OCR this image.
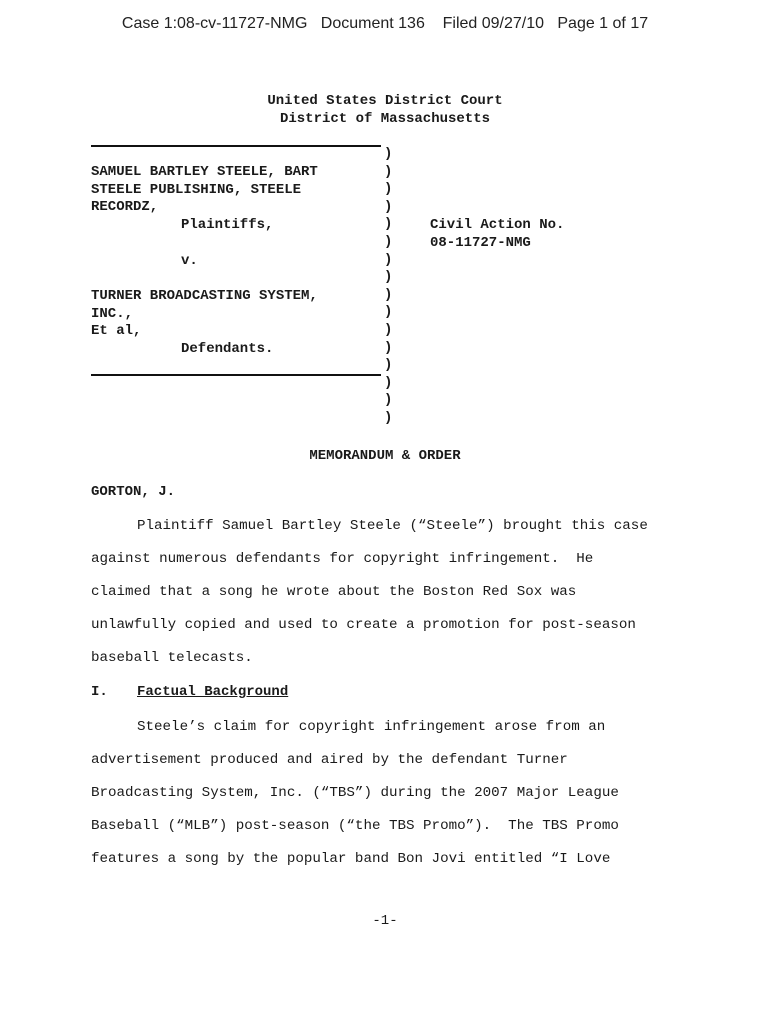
Case 1:08-cv-11727-NMG   Document 136    Filed 09/27/10   Page 1 of 17
United States District Court
District of Massachusetts
SAMUEL BARTLEY STEELE, BART
STEELE PUBLISHING, STEELE
RECORDZ,
Plaintiffs,
v.
TURNER BROADCASTING SYSTEM,
INC.,
Et al,
Defendants.
)
)
)
)
)
)
)
)
)
)
)
)
)
)
)
)
Civil Action No.
08-11727-NMG
MEMORANDUM & ORDER
GORTON, J.
Plaintiff Samuel Bartley Steele (“Steele”) brought this case
against numerous defendants for copyright infringement.  He
claimed that a song he wrote about the Boston Red Sox was
unlawfully copied and used to create a promotion for post-season
baseball telecasts.
I. Factual Background
Steele’s claim for copyright infringement arose from an
advertisement produced and aired by the defendant Turner
Broadcasting System, Inc. (“TBS”) during the 2007 Major League
Baseball (“MLB”) post-season (“the TBS Promo”).  The TBS Promo
features a song by the popular band Bon Jovi entitled “I Love
-1-
